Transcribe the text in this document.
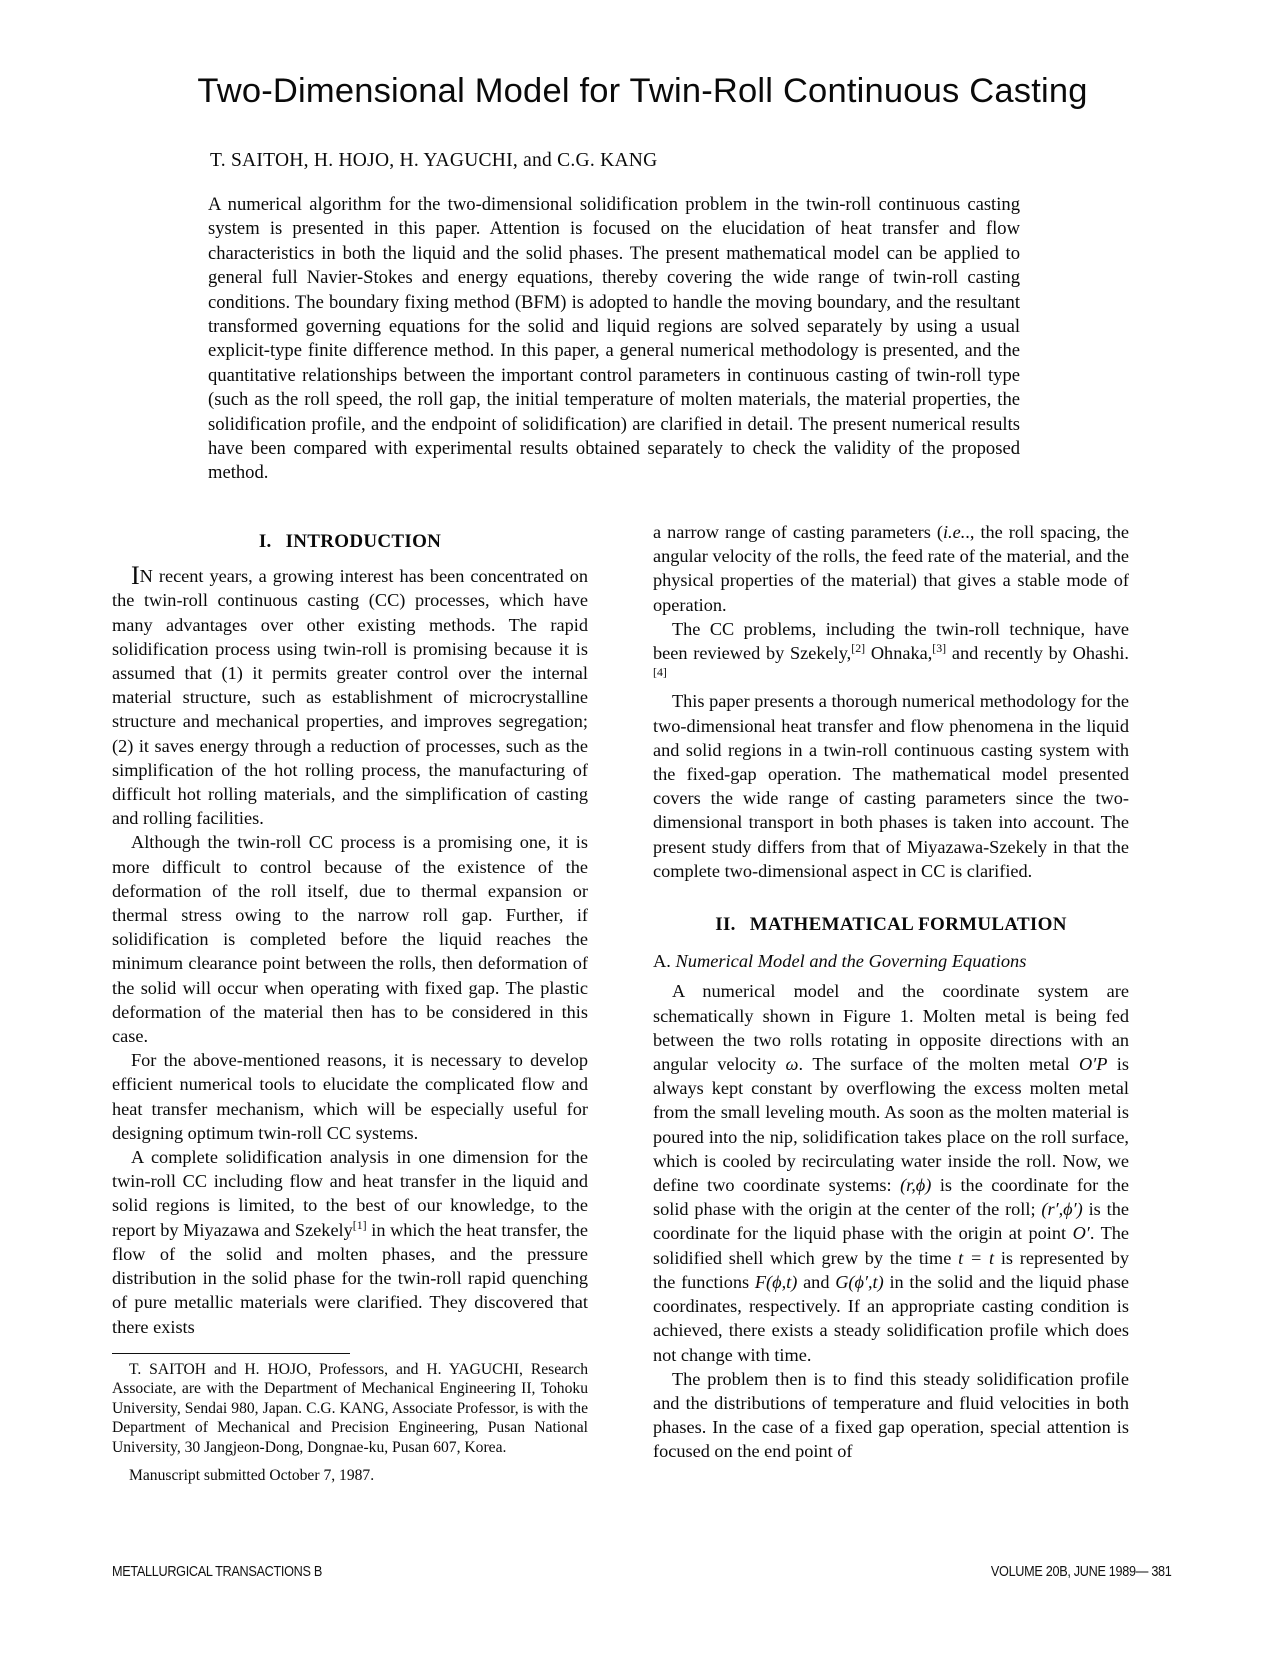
Two-Dimensional Model for Twin-Roll Continuous Casting
T. SAITOH, H. HOJO, H. YAGUCHI, and C.G. KANG
A numerical algorithm for the two-dimensional solidification problem in the twin-roll continuous casting system is presented in this paper. Attention is focused on the elucidation of heat transfer and flow characteristics in both the liquid and the solid phases. The present mathematical model can be applied to general full Navier-Stokes and energy equations, thereby covering the wide range of twin-roll casting conditions. The boundary fixing method (BFM) is adopted to handle the moving boundary, and the resultant transformed governing equations for the solid and liquid regions are solved separately by using a usual explicit-type finite difference method. In this paper, a general numerical methodology is presented, and the quantitative relationships between the important control parameters in continuous casting of twin-roll type (such as the roll speed, the roll gap, the initial temperature of molten materials, the material properties, the solidification profile, and the endpoint of solidification) are clarified in detail. The present numerical results have been compared with experimental results obtained separately to check the validity of the proposed method.
I. INTRODUCTION

IN recent years, a growing interest has been concentrated on the twin-roll continuous casting (CC) processes, which have many advantages over other existing methods. The rapid solidification process using twin-roll is promising because it is assumed that (1) it permits greater control over the internal material structure, such as establishment of microcrystalline structure and mechanical properties, and improves segregation; (2) it saves energy through a reduction of processes, such as the simplification of the hot rolling process, the manufacturing of difficult hot rolling materials, and the simplification of casting and rolling facilities.

Although the twin-roll CC process is a promising one, it is more difficult to control because of the existence of the deformation of the roll itself, due to thermal expansion or thermal stress owing to the narrow roll gap. Further, if solidification is completed before the liquid reaches the minimum clearance point between the rolls, then deformation of the solid will occur when operating with fixed gap. The plastic deformation of the material then has to be considered in this case.

For the above-mentioned reasons, it is necessary to develop efficient numerical tools to elucidate the complicated flow and heat transfer mechanism, which will be especially useful for designing optimum twin-roll CC systems.

A complete solidification analysis in one dimension for the twin-roll CC including flow and heat transfer in the liquid and solid regions is limited, to the best of our knowledge, to the report by Miyazawa and Szekely[1] in which the heat transfer, the flow of the solid and molten phases, and the pressure distribution in the solid phase for the twin-roll rapid quenching of pure metallic materials were clarified. They discovered that there exists

a narrow range of casting parameters (i.e.., the roll spacing, the angular velocity of the rolls, the feed rate of the material, and the physical properties of the material) that gives a stable mode of operation.

The CC problems, including the twin-roll technique, have been reviewed by Szekely,[2] Ohnaka,[3] and recently by Ohashi.[4]

This paper presents a thorough numerical methodology for the two-dimensional heat transfer and flow phenomena in the liquid and solid regions in a twin-roll continuous casting system with the fixed-gap operation. The mathematical model presented covers the wide range of casting parameters since the two-dimensional transport in both phases is taken into account. The present study differs from that of Miyazawa-Szekely in that the complete two-dimensional aspect in CC is clarified.

II. MATHEMATICAL FORMULATION
A. Numerical Model and the Governing Equations

A numerical model and the coordinate system are schematically shown in Figure 1. Molten metal is being fed between the two rolls rotating in opposite directions with an angular velocity ω. The surface of the molten metal O′P is always kept constant by overflowing the excess molten metal from the small leveling mouth. As soon as the molten material is poured into the nip, solidification takes place on the roll surface, which is cooled by recirculating water inside the roll. Now, we define two coordinate systems: (r,ϕ) is the coordinate for the solid phase with the origin at the center of the roll; (r′,ϕ′) is the coordinate for the liquid phase with the origin at point O′. The solidified shell which grew by the time t = t is represented by the functions F(ϕ,t) and G(ϕ′,t) in the solid and the liquid phase coordinates, respectively. If an appropriate casting condition is achieved, there exists a steady solidification profile which does not change with time.

The problem then is to find this steady solidification profile and the distributions of temperature and fluid velocities in both phases. In the case of a fixed gap operation, special attention is focused on the end point of

T. SAITOH and H. HOJO, Professors, and H. YAGUCHI, Research Associate, are with the Department of Mechanical Engineering II, Tohoku University, Sendai 980, Japan. C.G. KANG, Associate Professor, is with the Department of Mechanical and Precision Engineering, Pusan National University, 30 Jangjeon-Dong, Dongnae-ku, Pusan 607, Korea.

Manuscript submitted October 7, 1987.

METALLURGICAL TRANSACTIONS B	VOLUME 20B, JUNE 1989— 381
